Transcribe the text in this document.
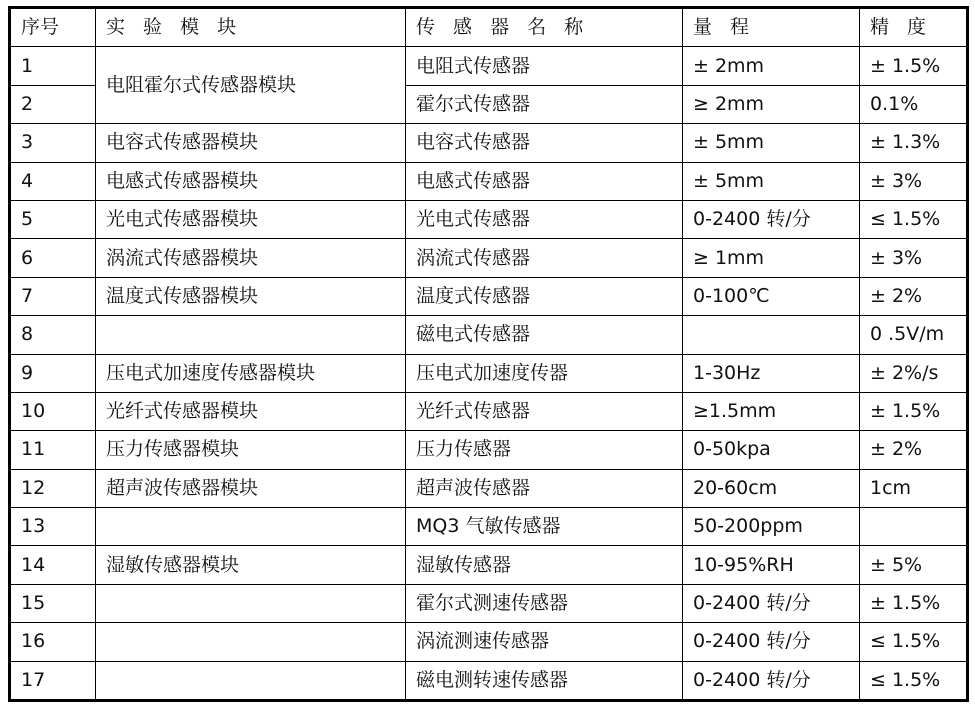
序号	实 验 模 块	传 感 器 名 称	量 程	精 度
1	电阻霍尔式传感器模块	电阻式传感器	± 2mm	± 1.5%
2		霍尔式传感器	≥ 2mm	0.1%
3	电容式传感器模块	电容式传感器	± 5mm	± 1.3%
4	电感式传感器模块	电感式传感器	± 5mm	± 3%
5	光电式传感器模块	光电式传感器	0-2400 转/分	≤ 1.5%
6	涡流式传感器模块	涡流式传感器	≥ 1mm	± 3%
7	温度式传感器模块	温度式传感器	0-100℃	± 2%
8		磁电式传感器		0 .5V/m
9	压电式加速度传感器模块	压电式加速度传器	1-30Hz	± 2%/s
10	光纤式传感器模块	光纤式传感器	≥1.5mm	± 1.5%
11	压力传感器模块	压力传感器	0-50kpa	± 2%
12	超声波传感器模块	超声波传感器	20-60cm	1cm
13		MQ3 气敏传感器	50-200ppm	
14	湿敏传感器模块	湿敏传感器	10-95%RH	± 5%
15		霍尔式测速传感器	0-2400 转/分	± 1.5%
16		涡流测速传感器	0-2400 转/分	≤ 1.5%
17		磁电测转速传感器	0-2400 转/分	≤ 1.5%
